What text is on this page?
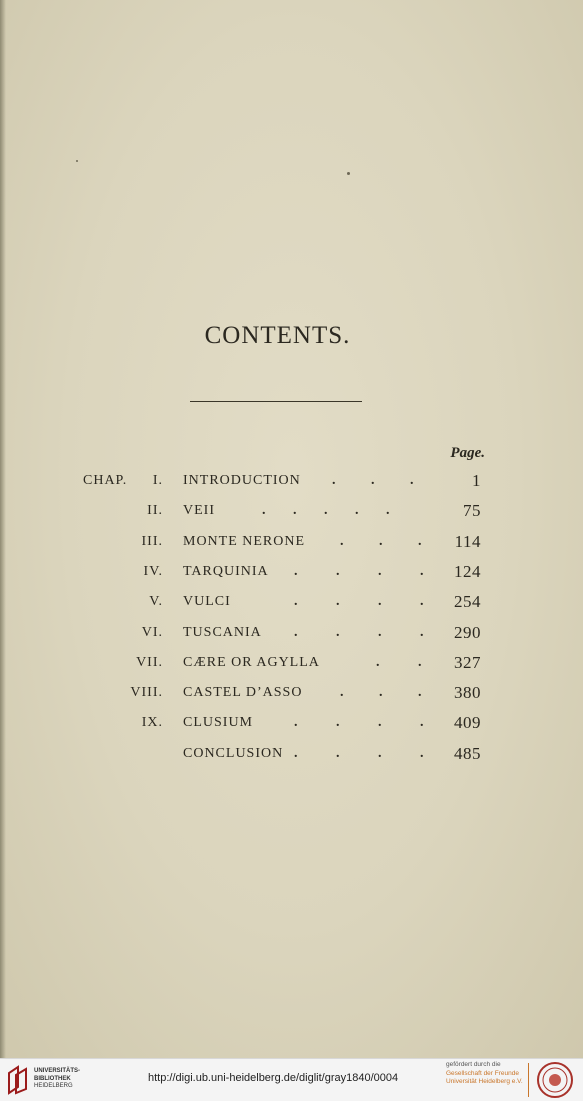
CONTENTS.
Page.
CHAP. I. INTRODUCTION .	.	.	1
II. VEII	. . . . .	75
III. MONTE NERONE .	.	. 114
IV. TARQUINIA .	.	.	. 124
V. VULCI	.	.	.	. 254
VI. TUSCANIA .	.	.	. 290
VII. CÆRE OR AGYLLA	.	. 327
VIII. CASTEL D’ASSO	.	.	. 380
IX. CLUSIUM	.	.	.	. 409
CONCLUSION .	.	.	. 485
UNIVERSITÄTS-
BIBLIOTHEK
HEIDELBERG
http://digi.ub.uni-heidelberg.de/diglit/gray1840/0004
gefördert durch die
Gesellschaft der Freunde
Universität Heidelberg e.V.
